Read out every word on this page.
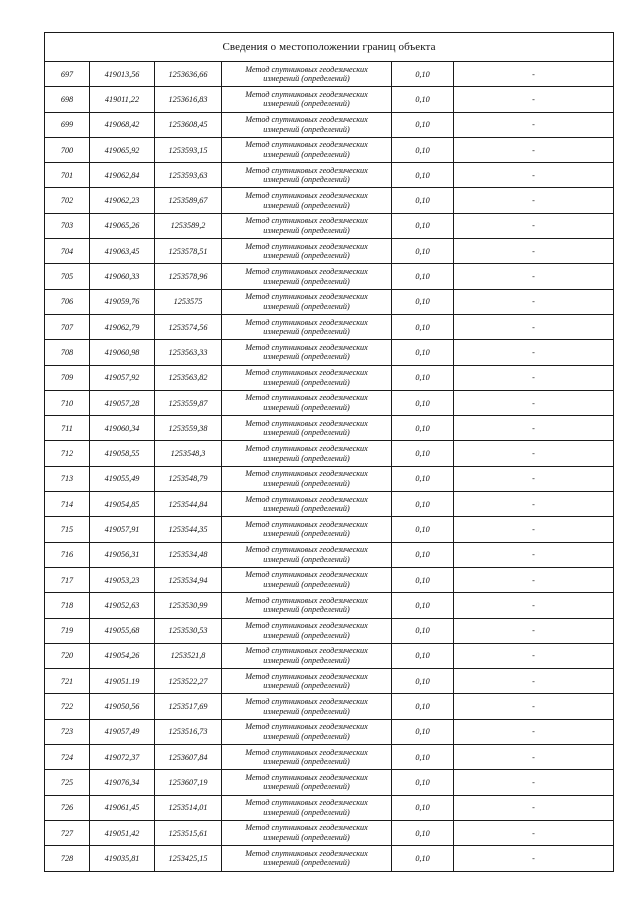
Сведения о местоположении границ объекта					
697	419013,56	1253636,66	Метод спутниковых геодезических
измерений (определений)	0,10	-
698	419011,22	1253616,83	Метод спутниковых геодезических
измерений (определений)	0,10	-
699	419068,42	1253608,45	Метод спутниковых геодезических
измерений (определений)	0,10	-
700	419065,92	1253593,15	Метод спутниковых геодезических
измерений (определений)	0,10	-
701	419062,84	1253593,63	Метод спутниковых геодезических
измерений (определений)	0,10	-
702	419062,23	1253589,67	Метод спутниковых геодезических
измерений (определений)	0,10	-
703	419065,26	1253589,2	Метод спутниковых геодезических
измерений (определений)	0,10	-
704	419063,45	1253578,51	Метод спутниковых геодезических
измерений (определений)	0,10	-
705	419060,33	1253578,96	Метод спутниковых геодезических
измерений (определений)	0,10	-
706	419059,76	1253575	Метод спутниковых геодезических
измерений (определений)	0,10	-
707	419062,79	1253574,56	Метод спутниковых геодезических
измерений (определений)	0,10	-
708	419060,98	1253563,33	Метод спутниковых геодезических
измерений (определений)	0,10	-
709	419057,92	1253563,82	Метод спутниковых геодезических
измерений (определений)	0,10	-
710	419057,28	1253559,87	Метод спутниковых геодезических
измерений (определений)	0,10	-
711	419060,34	1253559,38	Метод спутниковых геодезических
измерений (определений)	0,10	-
712	419058,55	1253548,3	Метод спутниковых геодезических
измерений (определений)	0,10	-
713	419055,49	1253548,79	Метод спутниковых геодезических
измерений (определений)	0,10	-
714	419054,85	1253544,84	Метод спутниковых геодезических
измерений (определений)	0,10	-
715	419057,91	1253544,35	Метод спутниковых геодезических
измерений (определений)	0,10	-
716	419056,31	1253534,48	Метод спутниковых геодезических
измерений (определений)	0,10	-
717	419053,23	1253534,94	Метод спутниковых геодезических
измерений (определений)	0,10	-
718	419052,63	1253530,99	Метод спутниковых геодезических
измерений (определений)	0,10	-
719	419055,68	1253530,53	Метод спутниковых геодезических
измерений (определений)	0,10	-
720	419054,26	1253521,8	Метод спутниковых геодезических
измерений (определений)	0,10	-
721	419051.19	1253522,27	Метод спутниковых геодезических
измерений (определений)	0,10	-
722	419050,56	1253517,69	Метод спутниковых геодезических
измерений (определений)	0,10	-
723	419057,49	1253516,73	Метод спутниковых геодезических
измерений (определений)	0,10	-
724	419072,37	1253607,84	Метод спутниковых геодезических
измерений (определений)	0,10	-
725	419076,34	1253607,19	Метод спутниковых геодезических
измерений (определений)	0,10	-
726	419061,45	1253514,01	Метод спутниковых геодезических
измерений (определений)	0,10	-
727	419051,42	1253515,61	Метод спутниковых геодезических
измерений (определений)	0,10	-
728	419035,81	1253425,15	Метод спутниковых геодезических
измерений (определений)	0,10	-
